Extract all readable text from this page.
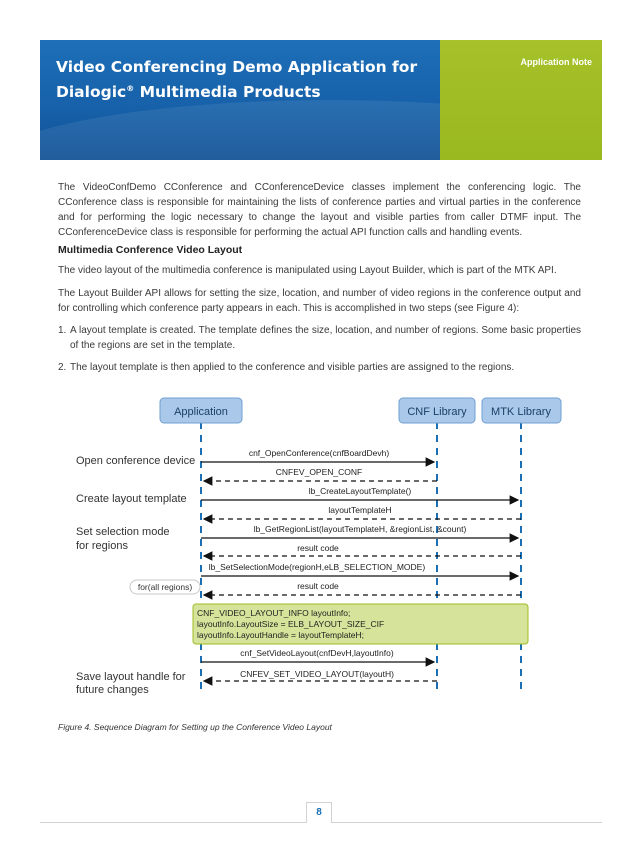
Video Conferencing Demo Application for
Dialogic® Multimedia Products
Application Note

The VideoConfDemo CConference and CConferenceDevice classes implement the conferencing logic. The CConference class is responsible for maintaining the lists of conference parties and virtual parties in the conference and for performing the logic necessary to change the layout and visible parties from caller DTMF input. The CConferenceDevice class is responsible for performing the actual API function calls and handling events.

Multimedia Conference Video Layout

The video layout of the multimedia conference is manipulated using Layout Builder, which is part of the MTK API.

The Layout Builder API allows for setting the size, location, and number of video regions in the conference output and for controlling which conference party appears in each. This is accomplished in two steps (see Figure 4):

1. A layout template is created. The template defines the size, location, and number of regions. Some basic properties of the regions are set in the template.
2. The layout template is then applied to the conference and visible parties are assigned to the regions.
Application	CNF Library MTK Library
Open conference device
Create layout template
Set selection mode
for regions
Save layout handle for
future changes
for(all regions)
cnf_OpenConference(cnfBoardDevh)
CNFEV_OPEN_CONF
lb_CreateLayoutTemplate()
layoutTemplateH
lb_GetRegionList(layoutTemplateH, &regionList, &count)
result code
lb_SetSelectionMode(regionH,eLB_SELECTION_MODE)
result code
CNF_VIDEO_LAYOUT_INFO layoutInfo;
layoutInfo.LayoutSize = ELB_LAYOUT_SIZE_CIF
layoutInfo.LayoutHandle = layoutTemplateH;
cnf_SetVideoLayout(cnfDevH,layoutInfo)
CNFEV_SET_VIDEO_LAYOUT(layoutH)
Figure 4. Sequence Diagram for Setting up the Conference Video Layout
8
